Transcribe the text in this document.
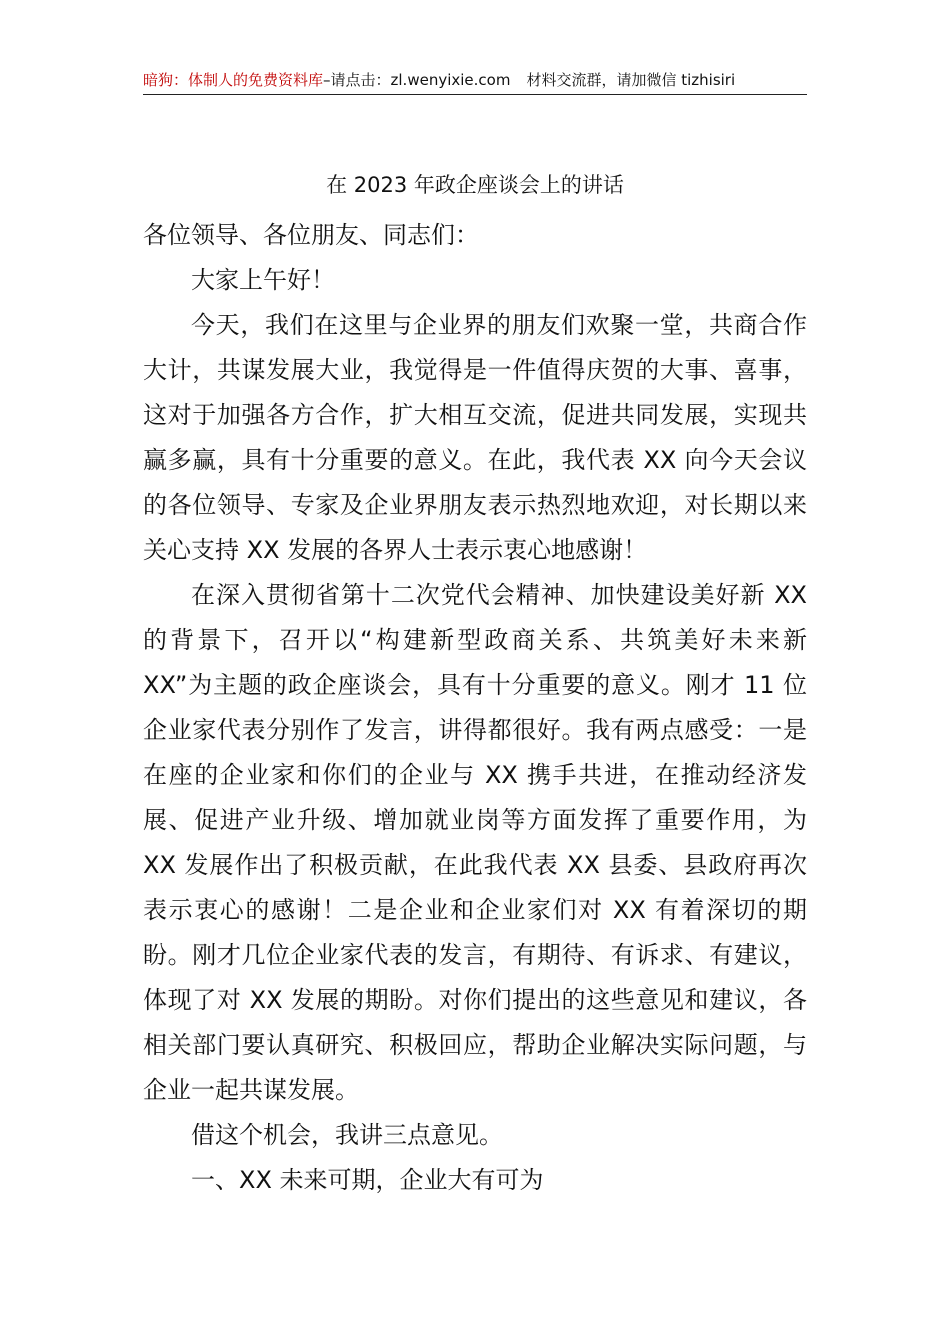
暗狗：体制人的免费资料库–请点击：zl.wenyixie.com 材料交流群，请加微信 tizhisiri
在 2023 年政企座谈会上的讲话

各位领导、各位朋友、同志们：

大家上午好！

今天，我们在这里与企业界的朋友们欢聚一堂，共商合作大计，共谋发展大业，我觉得是一件值得庆贺的大事、喜事，这对于加强各方合作，扩大相互交流，促进共同发展，实现共赢多赢，具有十分重要的意义。在此，我代表 XX 向今天会议的各位领导、专家及企业界朋友表示热烈地欢迎，对长期以来关心支持 XX 发展的各界人士表示衷心地感谢！

在深入贯彻省第十二次党代会精神、加快建设美好新 XX 的背景下，召开以“构建新型政商关系、共筑美好未来新 XX”为主题的政企座谈会，具有十分重要的意义。刚才 11 位企业家代表分别作了发言，讲得都很好。我有两点感受：一是在座的企业家和你们的企业与 XX 携手共进，在推动经济发展、促进产业升级、增加就业岗等方面发挥了重要作用，为 XX 发展作出了积极贡献，在此我代表 XX 县委、县政府再次表示衷心的感谢！二是企业和企业家们对 XX 有着深切的期盼。刚才几位企业家代表的发言，有期待、有诉求、有建议，体现了对 XX 发展的期盼。对你们提出的这些意见和建议，各相关部门要认真研究、积极回应，帮助企业解决实际问题，与企业一起共谋发展。

借这个机会，我讲三点意见。

一、XX 未来可期，企业大有可为
